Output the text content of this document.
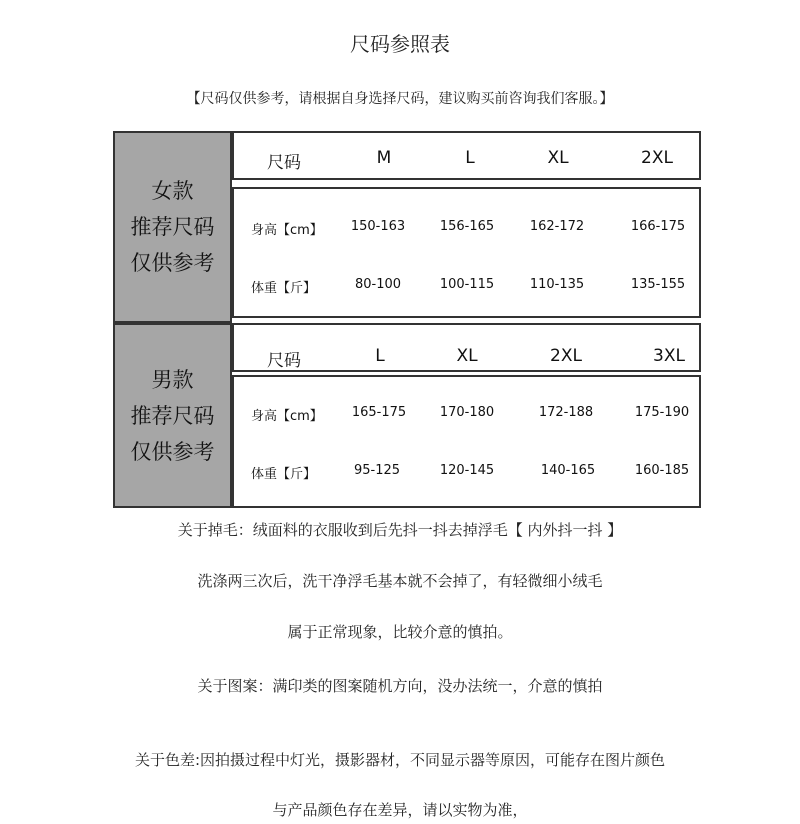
尺码参照表
【尺码仅供参考，请根据自身选择尺码，建议购买前咨询我们客服。】
女款
推荐尺码
仅供参考
尺码	M	L	XL	2XL
身高【cm】 150-163	156-165	162-172	166-175
体重【斤】	80-100	100-115	110-135	135-155
男款
推荐尺码
仅供参考
尺码	L	XL	2XL	3XL
身高【cm】 165-175	170-180	172-188	175-190
体重【斤】	95-125	120-145	140-165	160-185
关于掉毛：绒面料的衣服收到后先抖一抖去掉浮毛【 内外抖一抖 】
洗涤两三次后，洗干净浮毛基本就不会掉了，有轻微细小绒毛
属于正常现象，比较介意的慎拍。
关于图案：满印类的图案随机方向，没办法统一，介意的慎拍
关于色差:因拍摄过程中灯光，摄影器材，不同显示器等原因，可能存在图片颜色
与产品颜色存在差异，请以实物为准，
